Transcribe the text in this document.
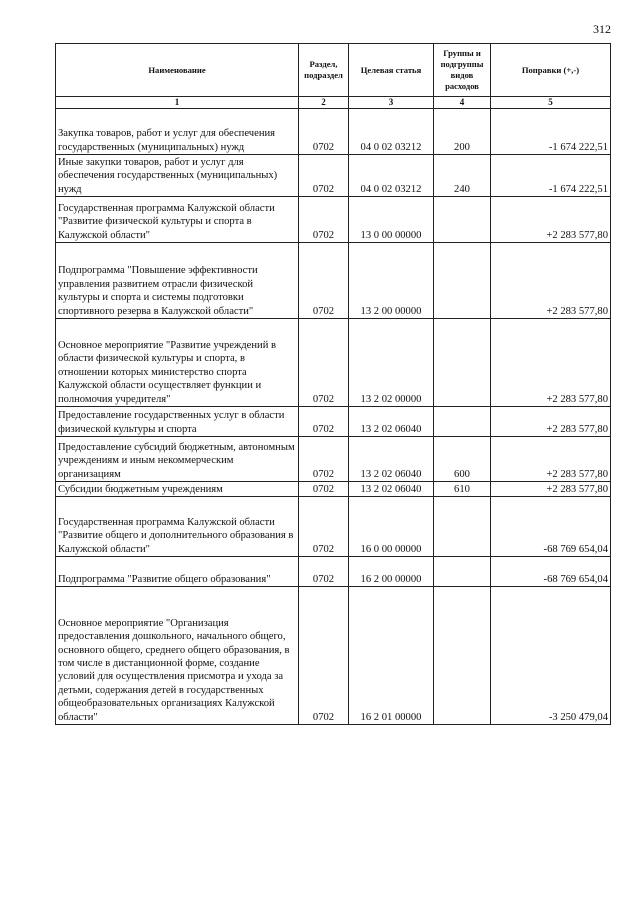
312
Наименование	Раздел, подраздел	Целевая статья	Группы и подгруппы видов расходов	Поправки (+,-)
1	2	3	4	5
Закупка товаров, работ и услуг для обеспечения государственных (муниципальных) нужд	0702	04 0 02 03212	200	-1 674 222,51
Иные закупки товаров, работ и услуг для обеспечения государственных (муниципальных) нужд	0702	04 0 02 03212	240	-1 674 222,51
Государственная программа Калужской области "Развитие физической культуры и спорта в Калужской области"	0702	13 0 00 00000		+2 283 577,80
Подпрограмма "Повышение эффективности управления развитием отрасли физической культуры и спорта и системы подготовки спортивного резерва в Калужской области"	0702	13 2 00 00000		+2 283 577,80
Основное мероприятие "Развитие учреждений в области физической культуры и спорта, в отношении которых министерство спорта Калужской области осуществляет функции и полномочия учредителя"	0702	13 2 02 00000		+2 283 577,80
Предоставление государственных услуг в области физической культуры и спорта	0702	13 2 02 06040		+2 283 577,80
Предоставление субсидий бюджетным, автономным учреждениям и иным некоммерческим организациям	0702	13 2 02 06040	600	+2 283 577,80
Субсидии бюджетным учреждениям	0702	13 2 02 06040	610	+2 283 577,80
Государственная программа Калужской области "Развитие общего и дополнительного образования в Калужской области"	0702	16 0 00 00000		-68 769 654,04
Подпрограмма "Развитие общего образования"	0702	16 2 00 00000		-68 769 654,04
Основное мероприятие "Организация предоставления дошкольного, начального общего, основного общего, среднего общего образования, в том числе в дистанционной форме, создание условий для осуществления присмотра и ухода за детьми, содержания детей в государственных общеобразовательных организациях Калужской области"	0702	16 2 01 00000		-3 250 479,04
